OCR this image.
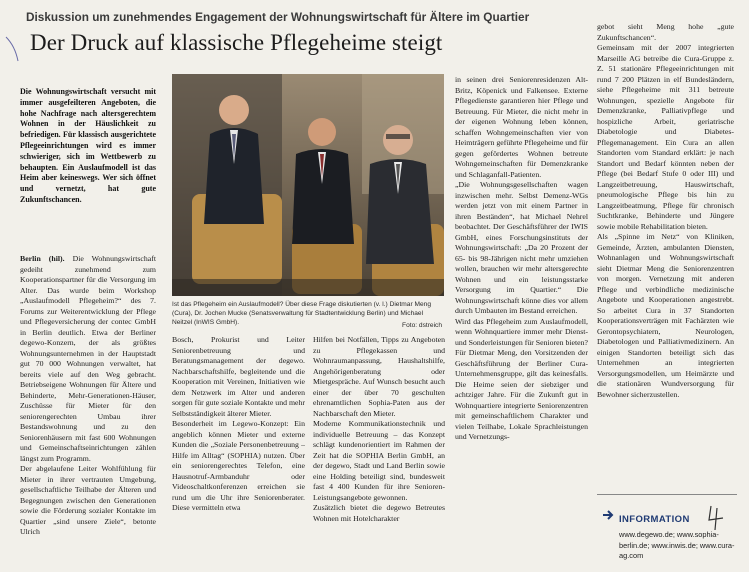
Diskussion um zunehmendes Engagement der Wohnungswirtschaft für Ältere im Quartier
Der Druck auf klassische Pflegeheime steigt
Die Wohnungswirtschaft versucht mit immer ausgefeilteren Angeboten, die hohe Nachfrage nach altersgerechtem Wohnen in der Häuslichkeit zu befriedigen. Für klassisch ausgerichtete Pflegeeinrichtungen wird es immer schwieriger, sich im Wettbewerb zu behaupten. Ein Auslaufmodell ist das Heim aber keineswegs. Wer sich öffnet und vernetzt, hat gute Zukunftschancen.
Berlin (hil). Die Wohnungswirtschaft gedeiht zunehmend zum Kooperationspartner für die Versorgung im Alter. Das wurde beim Workshop „Auslaufmodell Pflegeheim?“ des 7. Forums zur Weiterentwicklung der Pflege und Pflegeversicherung der contec GmbH in Berlin deutlich. Etwa der Berliner degewo-Konzern, der als größtes Wohnungsunternehmen in der Hauptstadt gut 70 000 Wohnungen verwaltet, hat bereits viele auf den Weg gebracht. Betriebseigene Wohnungen für Ältere und Behinderte, Mehr-Generationen-Häuser, Zuschüsse für Mieter für den seniorengerechten Umbau ihrer Bestandswohnung und zu den Seniorenhäusern mit fast 600 Wohnungen und Gemeinschaftseinrichtungen zählen längst zum Programm.
Der abgelaufene Leiter Wohlfühlung für Mieter in ihrer vertrauten Umgebung, gesellschaftliche Teilhabe der Älteren und Begegnungen zwischen den Generationen sowie die Förderung sozialer Kontakte im Quartier „sind unsere Ziele“, betonte Ulrich
Ist das Pflegeheim ein Auslaufmodell? Über diese Frage diskutierten (v. l.) Dietmar Meng (Cura), Dr. Jochen Mucke (Senatsverwaltung für Stadtentwicklung Berlin) und Michael Neitzel (InWIS GmbH).	Foto: dstreich
Bosch, Prokurist und Leiter Seniorenbetreuung und Beratungsmanagement der degewo. Nachbarschaftshilfe, begleitende und die Kooperation mit Vereinen, Initiativen wie dem Netzwerk im Alter und anderen sorgen für gute soziale Kontakte und mehr Selbstständigkeit älterer Mieter.
Besonderheit im Legewo-Konzept: Ein angeblich können Mieter und externe Kunden die „Soziale Personenbetreuung – Hilfe im Alltag“ (SOPHIA) nutzen. Über ein seniorengerechtes Telefon, eine Hausnotruf-Armbanduhr oder Videoschaltkonferenzen erreichen sie rund um die Uhr ihre Seniorenberater. Diese vermitteln etwa
Hilfen bei Notfällen, Tipps zu Angeboten zu Pflegekassen und Wohnraumanpassung, Haushaltshilfe, Angehörigenberatung oder Mietgespräche. Auf Wunsch besucht auch einer der über 70 geschulten ehrenamtlichen Sophia-Paten aus der Nachbarschaft den Mieter.
Moderne Kommunikationstechnik und individuelle Betreuung – das Konzept schlägt kundenorientiert im Rahmen der Zeit hat die SOPHIA Berlin GmbH, an der degewo, Stadt und Land Berlin sowie eine Holding beteiligt sind, bundesweit fast 4 400 Kunden für ihre Senioren-Leistungsangebote gewonnen.
Zusätzlich bietet die degewo Betreutes Wohnen mit Hotelcharakter
in seinen drei Seniorenresidenzen Alt-Britz, Köpenick und Falkensee. Externe Pflegedienste garantieren hier Pflege und Betreuung. Für Mieter, die nicht mehr in der eigenen Wohnung leben können, schaffen Wohngemeinschaften vier von Heimträgern geführte Pflegeheime und für gegen gefördertes Wohnen betreute Wohngemeinschaften für Demenzkranke und Schlaganfall-Patienten.
„Die Wohnungsgesellschaften wagen inzwischen mehr. Selbst Demenz-WGs werden jetzt von mit einem Partner in ihren Beständen“, hat Michael Nehrel beobachtet. Der Geschäftsführer der IWIS GmbH, eines Forschungsinstituts der Wohnungswirtschaft: „Da 20 Prozent der 65- bis 98-Jährigen nicht mehr umziehen wollen, brauchen wir mehr altersgerechte Wohnen und ein leistungsstarke Versorgung im Quartier.“ Die Wohnungswirtschaft könne dies vor allem durch Umbauten im Bestand erreichen.
Wird das Pflegeheim zum Auslaufmodell, wenn Wohnquartiere immer mehr Dienst- und Sonderleistungen für Senioren bieten? Für Dietmar Meng, den Vorsitzenden der Geschäftsführung der Berliner Cura-Unternehmensgruppe, gilt das keinesfalls. Die Heime seien der siebziger und achtziger Jahre. Für die Zukunft gut in Wohnquartiere integrierte Seniorenzentren mit gemeinschaftlichem Charakter und vielen Teilhabe, Lokale Sprachleistungen und Vernetzungs-
gebot sieht Meng hohe „gute Zukunftschancen“.
Gemeinsam mit der 2007 integrierten Marseille AG betreibe die Cura-Gruppe z. Z. 51 stationäre Pflegeeinrichtungen mit rund 7 200 Plätzen in elf Bundesländern, siehe Pflegeheime mit 311 betreute Wohnungen, spezielle Angebote für Demenzkranke, Palliativpflege und hospizliche Arbeit, geriatrische Diabetologie und Diabetes-Pflegemanagement. Ein Cura an allen Standorten vom Standard erklärt: je nach Standort und Bedarf könnten neben der Pflege (bei Bedarf Stufe 0 oder III) und Langzeitbetreuung, Hauswirtschaft, pneumologische Pflege bis hin zu Langzeitbeatmung, Pflege für chronisch Suchtkranke, Behinderte und Jüngere sowie mobile Rehabilitation bieten.
Als „Spinne im Netz“ von Kliniken, Gemeinde, Ärzten, ambulanten Diensten, Wohnanlagen und Wohnungswirtschaft sieht Dietmar Meng die Seniorenzentren von morgen. Vernetzung mit anderen Pflege und verbindliche medizinische Angebote und Kooperationen angestrebt. So arbeitet Cura in 37 Standorten Kooperationsverträgen mit Fachärzten wie Gerontopsychiatern, Neurologen, Diabetologen und Palliativmedizinern. An einigen Standorten beteiligt sich das Unternehmen an integrierten Versorgungsmodellen, um Heimärzte und die stationären Wundversorgung für Bewohner sicherzustellen.
INFORMATION
www.degewo.de; www.sophia-berlin.de; www.inwis.de; www.cura-ag.com
